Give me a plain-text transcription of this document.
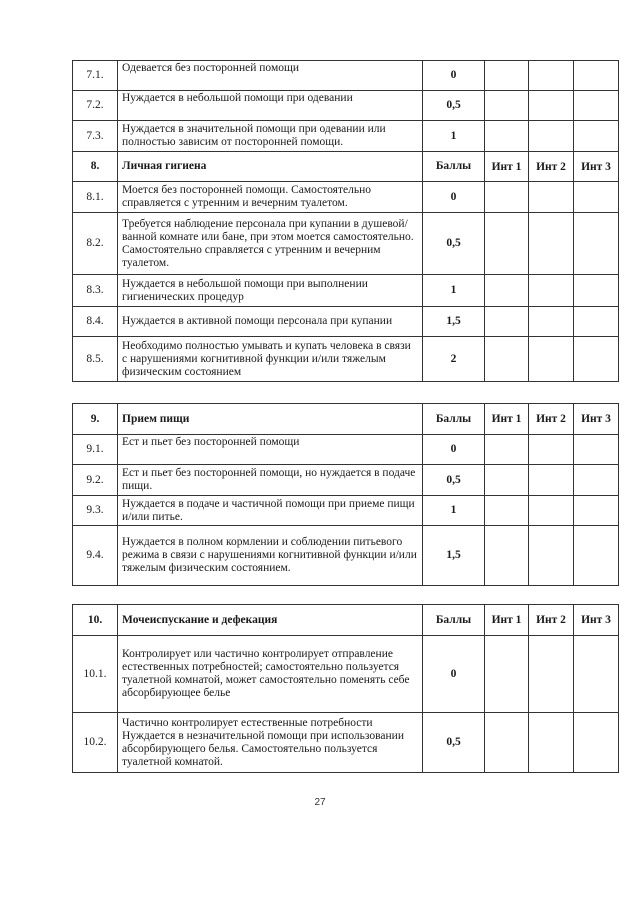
7.1.	Одевается без посторонней помощи	0			
7.2.	Нуждается в небольшой помощи при одевании	0,5			
7.3.	Нуждается в значительной помощи при одевании или полностью зависим от посторонней помощи.	1			
8.	Личная гигиена	Баллы	Инт 1	Инт 2	Инт 3
8.1.	Моется без посторонней помощи. Самостоятельно справляется с утренним и вечерним туалетом.	0			
8.2.	Требуется наблюдение персонала при купании в душевой/ванной комнате или бане, при этом моется самостоятельно. Самостоятельно справляется с утренним и вечерним туалетом.	0,5			
8.3.	Нуждается в небольшой помощи при выполнении гигиенических процедур	1			
8.4.	Нуждается в активной помощи персонала при купании	1,5			
8.5.	Необходимо полностью умывать и купать человека в связи с нарушениями когнитивной функции и/или тяжелым физическим состоянием	2			
9.	Прием пищи	Баллы	Инт 1	Инт 2	Инт 3
9.1.	Ест и пьет без посторонней помощи	0			
9.2.	Ест и пьет без посторонней помощи, но нуждается в подаче пищи.	0,5			
9.3.	Нуждается в подаче и частичной помощи при приеме пищи и/или питье.	1			
9.4.	Нуждается в полном кормлении и соблюдении питьевого режима в связи с нарушениями когнитивной функции и/или тяжелым физическим состоянием.	1,5			
10.	Мочеиспускание и дефекация	Баллы	Инт 1	Инт 2	Инт 3
10.1.	Контролирует или частично контролирует отправление естественных потребностей; самостоятельно пользуется туалетной комнатой, может самостоятельно поменять себе абсорбирующее белье	0			
10.2.	Частично контролирует естественные потребности Нуждается в незначительной помощи при использовании абсорбирующего белья. Самостоятельно пользуется туалетной комнатой.	0,5			
27
